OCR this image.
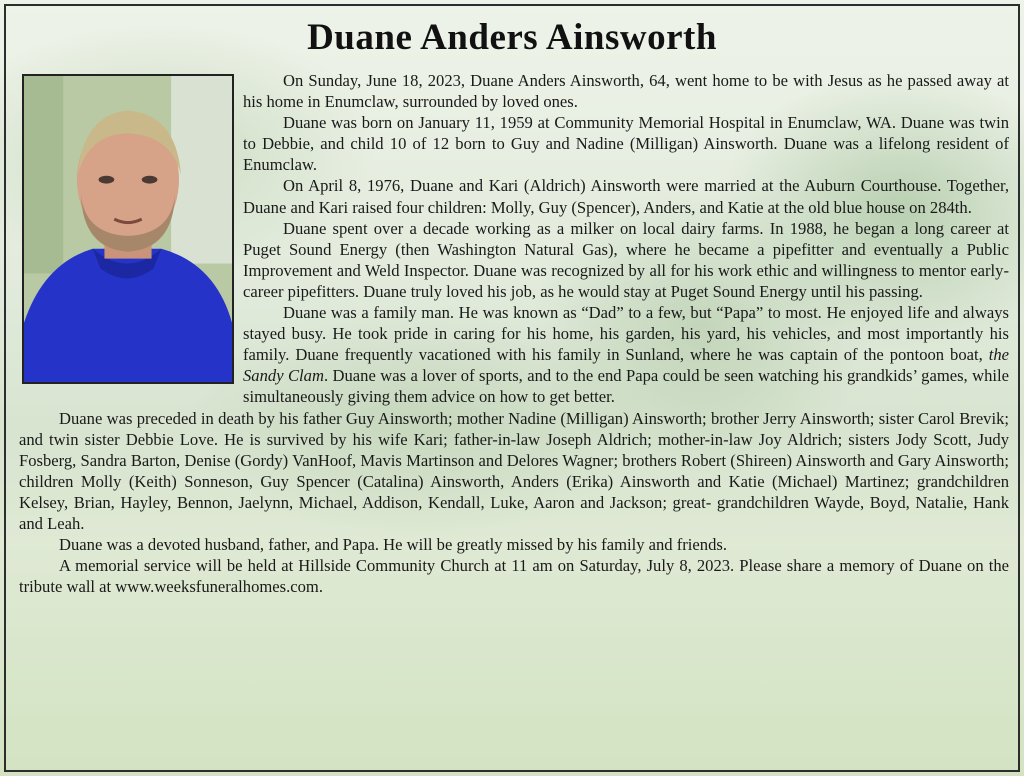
Duane Anders Ainsworth

On Sunday, June 18, 2023, Duane Anders Ainsworth, 64, went home to be with Jesus as he passed away at his home in Enumclaw, surrounded by loved ones.

Duane was born on January 11, 1959 at Community Memorial Hospital in Enumclaw, WA. Duane was twin to Debbie, and child 10 of 12 born to Guy and Nadine (Milligan) Ainsworth. Duane was a lifelong resident of Enumclaw.

On April 8, 1976, Duane and Kari (Aldrich) Ainsworth were married at the Auburn Courthouse. Together, Duane and Kari raised four children: Molly, Guy (Spencer), Anders, and Katie at the old blue house on 284th.

Duane spent over a decade working as a milker on local dairy farms. In 1988, he began a long career at Puget Sound Energy (then Washington Natural Gas), where he became a pipefitter and eventually a Public Improvement and Weld Inspector. Duane was recognized by all for his work ethic and willingness to mentor early-career pipefitters. Duane truly loved his job, as he would stay at Puget Sound Energy until his passing.

Duane was a family man. He was known as “Dad” to a few, but “Papa” to most. He enjoyed life and always stayed busy. He took pride in caring for his home, his garden, his yard, his vehicles, and most importantly his family. Duane frequently vacationed with his family in Sunland, where he was captain of the pontoon boat, the Sandy Clam. Duane was a lover of sports, and to the end Papa could be seen watching his grandkids’ games, while simultaneously giving them advice on how to get better.

Duane was preceded in death by his father Guy Ainsworth; mother Nadine (Milligan) Ainsworth; brother Jerry Ainsworth; sister Carol Brevik; and twin sister Debbie Love. He is survived by his wife Kari; father-in-law Joseph Aldrich; mother-in-law Joy Aldrich; sisters Jody Scott, Judy Fosberg, Sandra Barton, Denise (Gordy) VanHoof, Mavis Martinson and Delores Wagner; brothers Robert (Shireen) Ainsworth and Gary Ainsworth; children Molly (Keith) Sonneson, Guy Spencer (Catalina) Ainsworth, Anders (Erika) Ainsworth and Katie (Michael) Martinez; grandchildren Kelsey, Brian, Hayley, Bennon, Jaelynn, Michael, Addison, Kendall, Luke, Aaron and Jackson; great- grandchildren Wayde, Boyd, Natalie, Hank and Leah.

Duane was a devoted husband, father, and Papa. He will be greatly missed by his family and friends.

A memorial service will be held at Hillside Community Church at 11 am on Saturday, July 8, 2023. Please share a memory of Duane on the tribute wall at www.weeksfuneralhomes.com.
